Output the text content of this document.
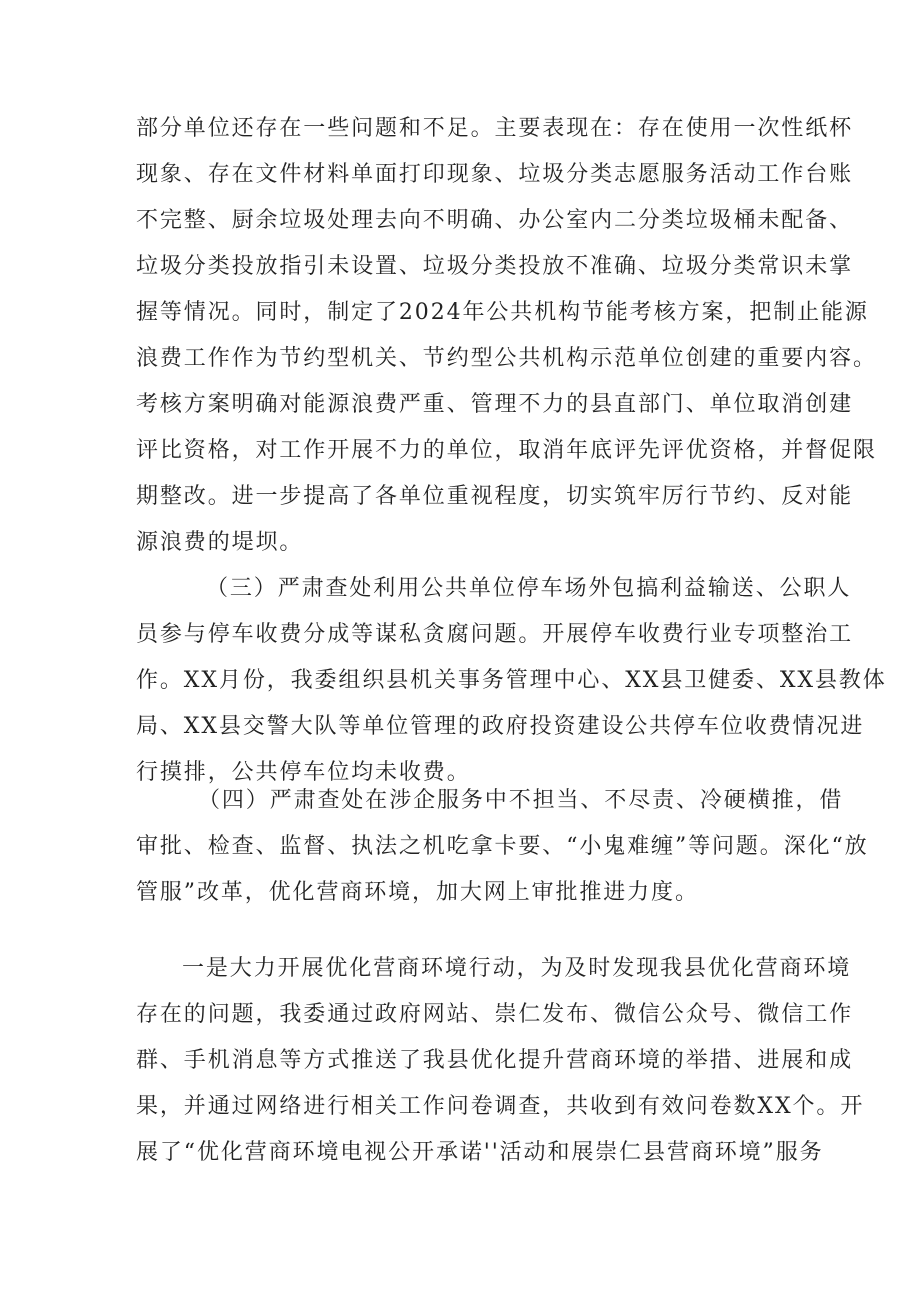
部分单位还存在一些问题和不足。主要表现在：存在使用一次性纸杯
现象、存在文件材料单面打印现象、垃圾分类志愿服务活动工作台账
不完整、厨余垃圾处理去向不明确、办公室内二分类垃圾桶未配备、
垃圾分类投放指引未设置、垃圾分类投放不准确、垃圾分类常识未掌
握等情况。同时，制定了2024年公共机构节能考核方案，把制止能源
浪费工作作为节约型机关、节约型公共机构示范单位创建的重要内容。
考核方案明确对能源浪费严重、管理不力的县直部门、单位取消创建
评比资格，对工作开展不力的单位，取消年底评先评优资格，并督促限
期整改。进一步提高了各单位重视程度，切实筑牢厉行节约、反对能
源浪费的堤坝。
（三）严肃查处利用公共单位停车场外包搞利益输送、公职人
员参与停车收费分成等谋私贪腐问题。开展停车收费行业专项整治工
作。XX月份，我委组织县机关事务管理中心、XX县卫健委、XX县教体
局、XX县交警大队等单位管理的政府投资建设公共停车位收费情况进
行摸排，公共停车位均未收费。
（四）严肃查处在涉企服务中不担当、不尽责、冷硬横推，借
审批、检查、监督、执法之机吃拿卡要、“小鬼难缠”等问题。深化“放
管服”改革，优化营商环境，加大网上审批推进力度。
一是大力开展优化营商环境行动，为及时发现我县优化营商环境
存在的问题，我委通过政府网站、崇仁发布、微信公众号、微信工作
群、手机消息等方式推送了我县优化提升营商环境的举措、进展和成
果，并通过网络进行相关工作问卷调查，共收到有效问卷数XX个。开
展了“优化营商环境电视公开承诺''活动和展崇仁县营商环境”服务
